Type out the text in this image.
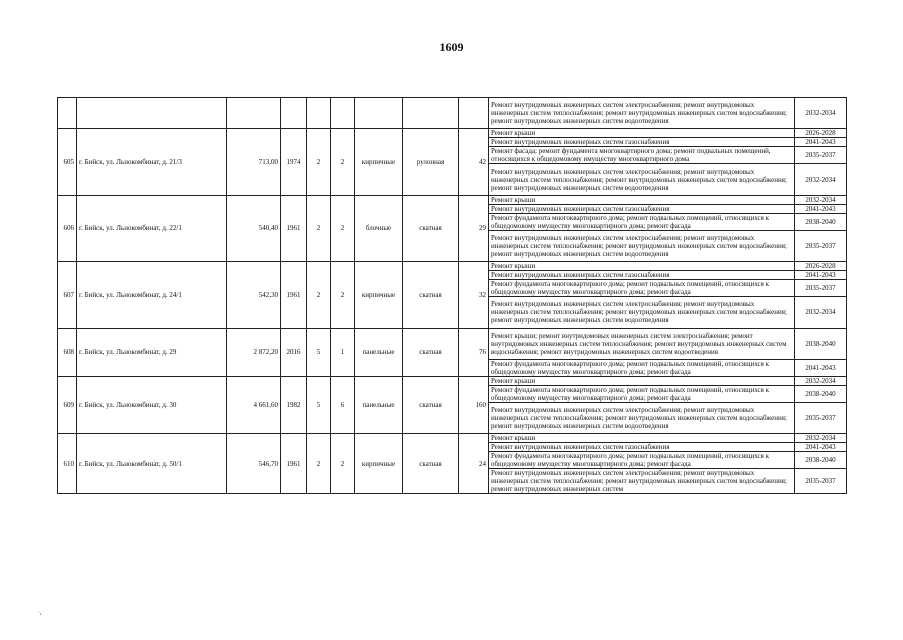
1609
									Ремонт внутридомовых инженерных систем электроснабжения; ремонт внутридомовых инженерных систем теплоснабжения; ремонт внутридомовых инженерных систем водоснабжения; ремонт внутридомовых инженерных систем водоотведения	2032-2034
605	г. Бийск, ул. Льнокомбинат, д. 21/3	713,00	1974	2	2	кирпичные	рулонная	42	Ремонт крыши	2026-2028
									Ремонт внутридомовых инженерных систем газоснабжения	2041-2043
									Ремонт фасада; ремонт фундамента многоквартирного дома; ремонт подвальных помещений, относящихся к общедомовому имуществу многоквартирного дома	2035-2037
									Ремонт внутридомовых инженерных систем электроснабжения; ремонт внутридомовых инженерных систем теплоснабжения; ремонт внутридомовых инженерных систем водоснабжения; ремонт внутридомовых инженерных систем водоотведения	2032-2034
606	г. Бийск, ул. Льнокомбинат, д. 22/1	540,40	1961	2	2	блочные	скатная	29	Ремонт крыши	2032-2034
									Ремонт внутридомовых инженерных систем газоснабжения	2041-2043
									Ремонт фундамента многоквартирного дома; ремонт подвальных помещений, относящихся к общедомовому имуществу многоквартирного дома; ремонт фасада	2038-2040
									Ремонт внутридомовых инженерных систем электроснабжения; ремонт внутридомовых инженерных систем теплоснабжения; ремонт внутридомовых инженерных систем водоснабжения; ремонт внутридомовых инженерных систем водоотведения	2035-2037
607	г. Бийск, ул. Льнокомбинат, д. 24/1	542,30	1961	2	2	кирпичные	скатная	32	Ремонт крыши	2026-2028
									Ремонт внутридомовых инженерных систем газоснабжения	2041-2043
									Ремонт фундамента многоквартирного дома; ремонт подвальных помещений, относящихся к общедомовому имуществу многоквартирного дома; ремонт фасада	2035-2037
									Ремонт внутридомовых инженерных систем электроснабжения; ремонт внутридомовых инженерных систем теплоснабжения; ремонт внутридомовых инженерных систем водоснабжения; ремонт внутридомовых инженерных систем водоотведения	2032-2034
608	г. Бийск, ул. Льнокомбинат, д. 29	2 872,20	2016	5	1	панельные	скатная	76	Ремонт крыши; ремонт внутридомовых инженерных систем электроснабжения; ремонт внутридомовых инженерных систем теплоснабжения; ремонт внутридомовых инженерных систем водоснабжения; ремонт внутридомовых инженерных систем водоотведения	2038-2040
									Ремонт фундамента многоквартирного дома; ремонт подвальных помещений, относящихся к общедомовому имуществу многоквартирного дома; ремонт фасада	2041-2043
609	г. Бийск, ул. Льнокомбинат, д. 30	4 661,60	1982	5	6	панельные	скатная	160	Ремонт крыши	2032-2034
									Ремонт фундамента многоквартирного дома; ремонт подвальных помещений, относящихся к общедомовому имуществу многоквартирного дома; ремонт фасада	2038-2040
									Ремонт внутридомовых инженерных систем электроснабжения; ремонт внутридомовых инженерных систем теплоснабжения; ремонт внутридомовых инженерных систем водоснабжения; ремонт внутридомовых инженерных систем водоотведения	2035-2037
610	г. Бийск, ул. Льнокомбинат, д. 50/1	546,70	1961	2	2	кирпичные	скатная	24	Ремонт крыши	2032-2034
									Ремонт внутридомовых инженерных систем газоснабжения	2041-2043
									Ремонт фундамента многоквартирного дома; ремонт подвальных помещений, относящихся к общедомовому имуществу многоквартирного дома; ремонт фасада	2038-2040
									Ремонт внутридомовых инженерных систем электроснабжения; ремонт внутридомовых инженерных систем теплоснабжения; ремонт внутридомовых инженерных систем водоснабжения; ремонт внутридомовых инженерных систем	2035-2037
·,
